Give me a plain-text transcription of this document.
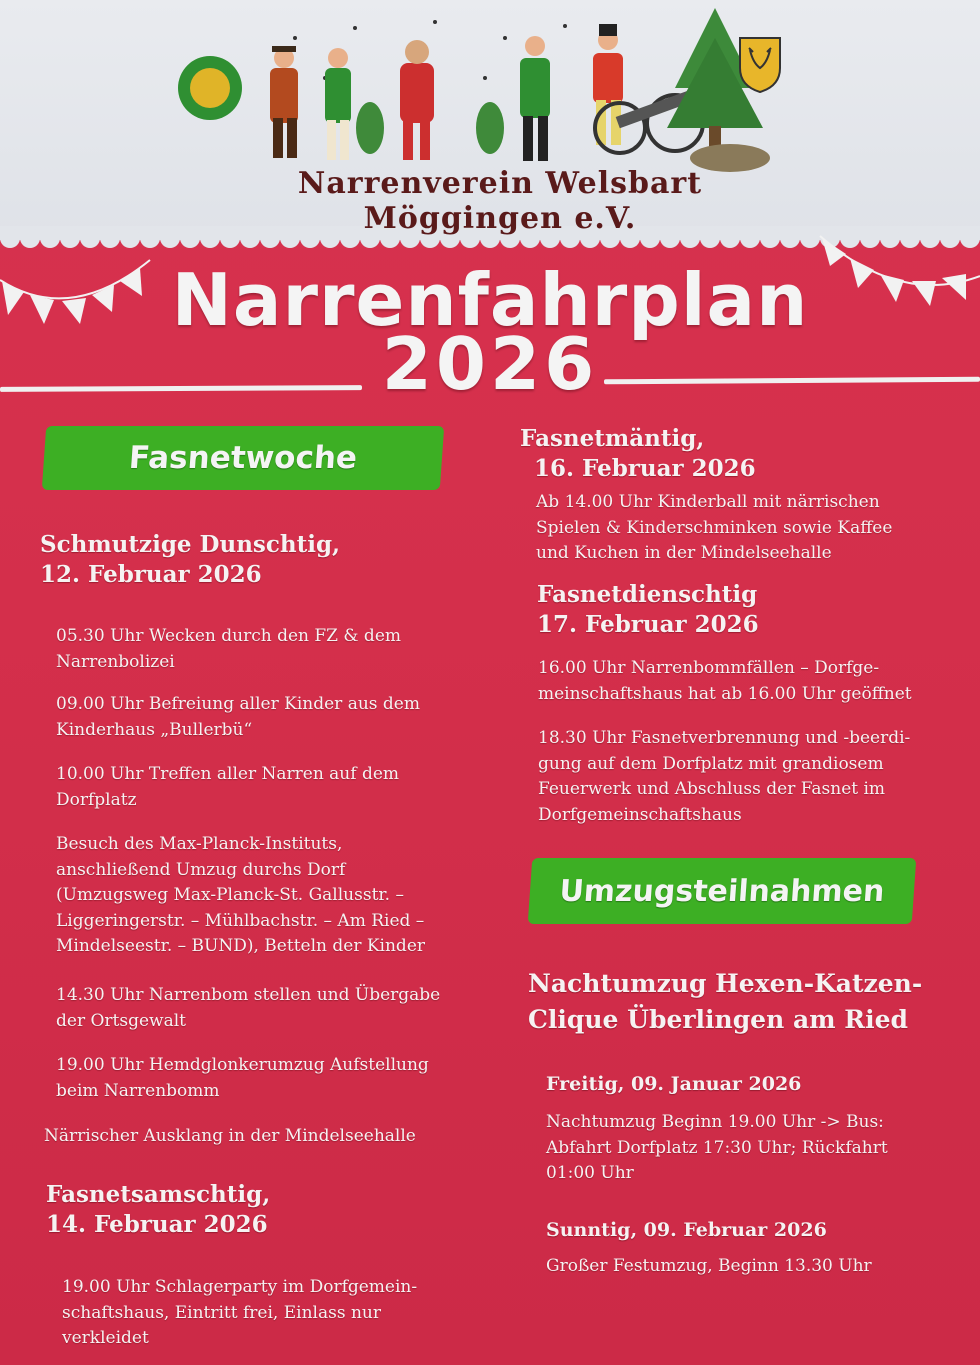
Narrenverein Welsbart Möggingen e.V.
Narrenfahrplan
2026
Fasnetwoche
Schmutzige Dunschtig,
12. Februar 2026
05.30 Uhr Wecken durch den FZ & dem
Narrenbolizei
09.00 Uhr Befreiung aller Kinder aus dem
Kinderhaus „Bullerbü“
10.00 Uhr Treffen aller Narren auf dem
Dorfplatz
Besuch des Max-Planck-Instituts,
anschließend Umzug durchs Dorf
(Umzugsweg Max-Planck-St. Gallusstr. –
Liggeringerstr. – Mühlbachstr. – Am Ried –
Mindelseestr. – BUND), Betteln der Kinder
14.30 Uhr Narrenbom stellen und Übergabe
der Ortsgewalt
19.00 Uhr Hemdglonkerumzug Aufstellung
beim Narrenbomm
Närrischer Ausklang in der Mindelseehalle
Fasnetsamschtig,
14. Februar 2026
19.00 Uhr Schlagerparty im Dorfgemein-
schaftshaus, Eintritt frei, Einlass nur
verkleidet
Fasnetmäntig,
16. Februar 2026
Ab 14.00 Uhr Kinderball mit närrischen
Spielen & Kinderschminken sowie Kaffee
und Kuchen in der Mindelseehalle
Fasnetdienschtig
17. Februar 2026
16.00 Uhr Narrenbommfällen – Dorfge-
meinschaftshaus hat ab 16.00 Uhr geöffnet
18.30 Uhr Fasnetverbrennung und -beerdi-
gung auf dem Dorfplatz mit grandiosem
Feuerwerk und Abschluss der Fasnet im
Dorfgemeinschaftshaus
Umzugsteilnahmen
Nachtumzug Hexen-Katzen-
Clique Überlingen am Ried
Freitig, 09. Januar 2026
Nachtumzug Beginn 19.00 Uhr -> Bus:
Abfahrt Dorfplatz 17:30 Uhr; Rückfahrt
01:00 Uhr
Sunntig, 09. Februar 2026
Großer Festumzug, Beginn 13.30 Uhr
